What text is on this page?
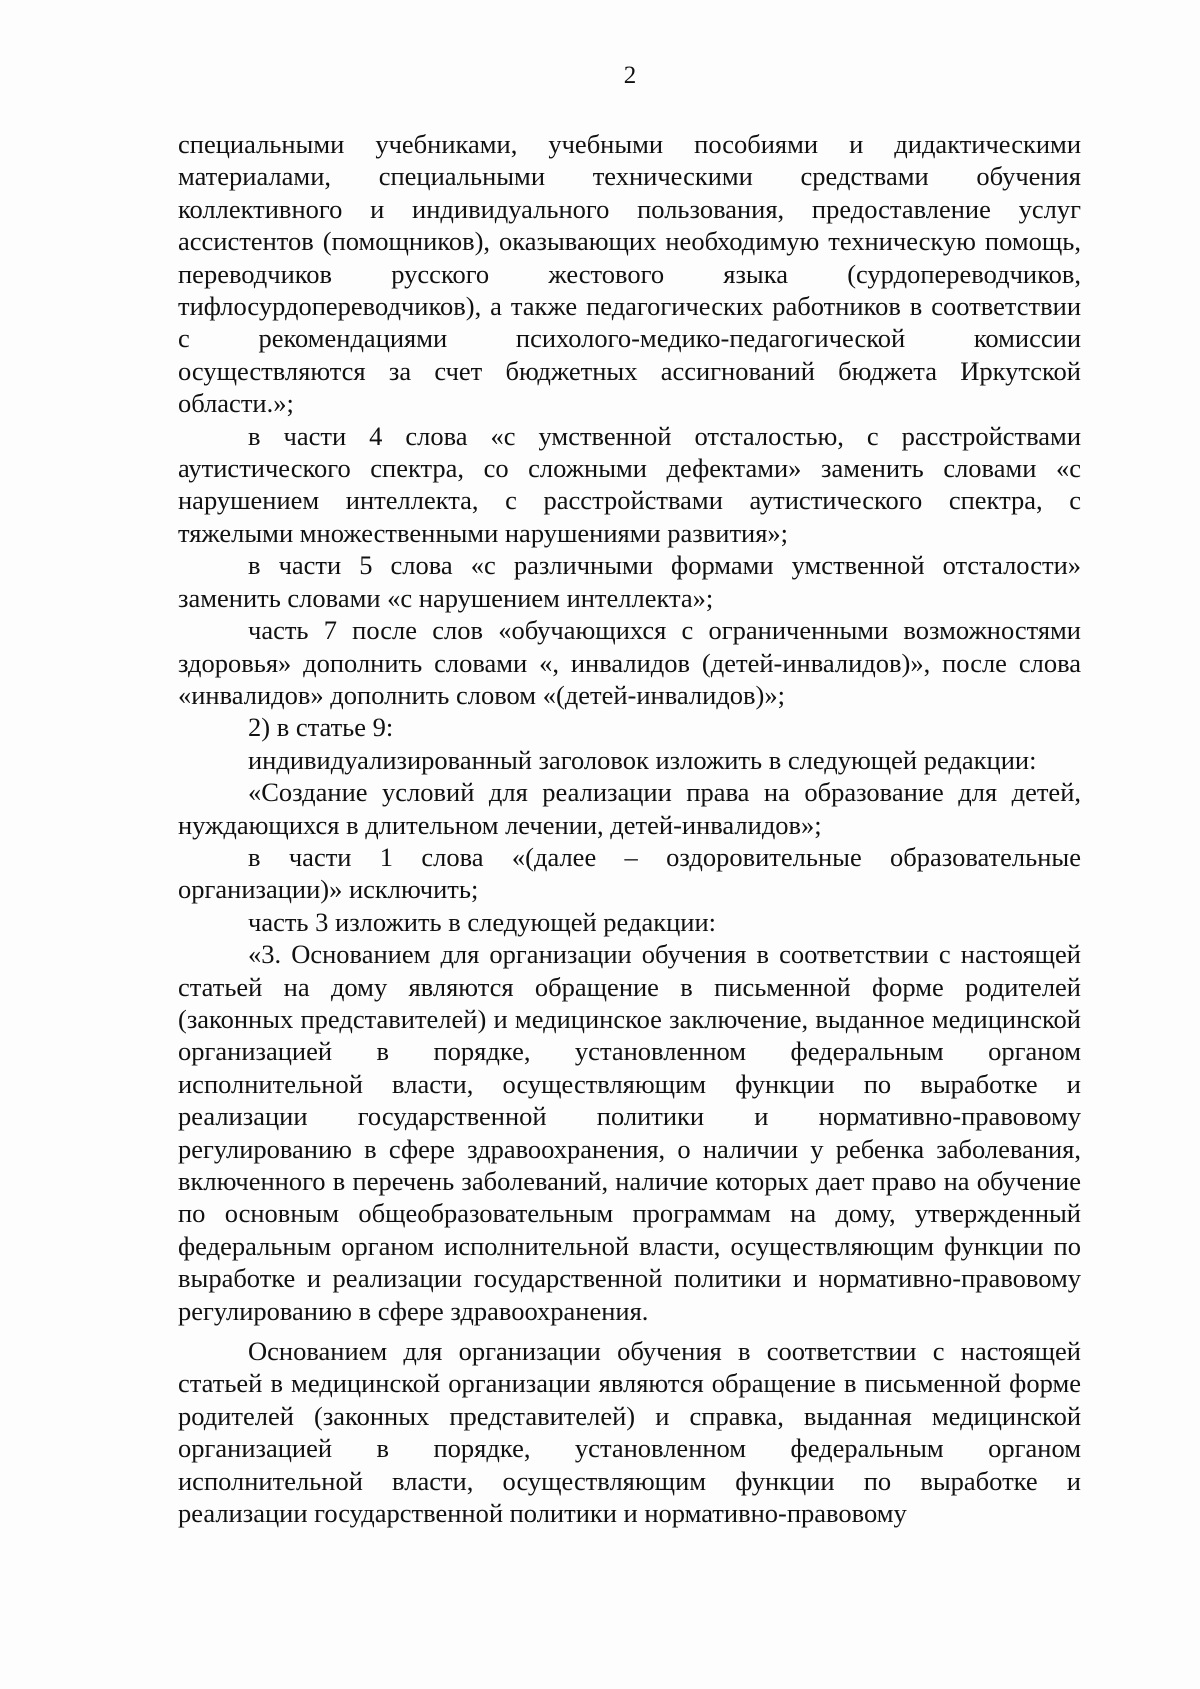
2

специальными учебниками, учебными пособиями и дидактическими материалами, специальными техническими средствами обучения коллективного и индивидуального пользования, предоставление услуг ассистентов (помощников), оказывающих необходимую техническую помощь, переводчиков русского жестового языка (сурдопереводчиков, тифлосурдопереводчиков), а также педагогических работников в соответствии с рекомендациями психолого-медико-педагогической комиссии осуществляются за счет бюджетных ассигнований бюджета Иркутской области.»;

в части 4 слова «с умственной отсталостью, с расстройствами аутистического спектра, со сложными дефектами» заменить словами «с нарушением интеллекта, с расстройствами аутистического спектра, с тяжелыми множественными нарушениями развития»;

в части 5 слова «с различными формами умственной отсталости» заменить словами «с нарушением интеллекта»;

часть 7 после слов «обучающихся с ограниченными возможностями здоровья» дополнить словами «, инвалидов (детей-инвалидов)», после слова «инвалидов» дополнить словом «(детей-инвалидов)»;

2) в статье 9:

индивидуализированный заголовок изложить в следующей редакции:

«Создание условий для реализации права на образование для детей, нуждающихся в длительном лечении, детей-инвалидов»;

в части 1 слова «(далее – оздоровительные образовательные организации)» исключить;

часть 3 изложить в следующей редакции:

«3. Основанием для организации обучения в соответствии с настоящей статьей на дому являются обращение в письменной форме родителей (законных представителей) и медицинское заключение, выданное медицинской организацией в порядке, установленном федеральным органом исполнительной власти, осуществляющим функции по выработке и реализации государственной политики и нормативно-правовому регулированию в сфере здравоохранения, о наличии у ребенка заболевания, включенного в перечень заболеваний, наличие которых дает право на обучение по основным общеобразовательным программам на дому, утвержденный федеральным органом исполнительной власти, осуществляющим функции по выработке и реализации государственной политики и нормативно-правовому регулированию в сфере здравоохранения.

Основанием для организации обучения в соответствии с настоящей статьей в медицинской организации являются обращение в письменной форме родителей (законных представителей) и справка, выданная медицинской организацией в порядке, установленном федеральным органом исполнительной власти, осуществляющим функции по выработке и реализации государственной политики и нормативно-правовому
